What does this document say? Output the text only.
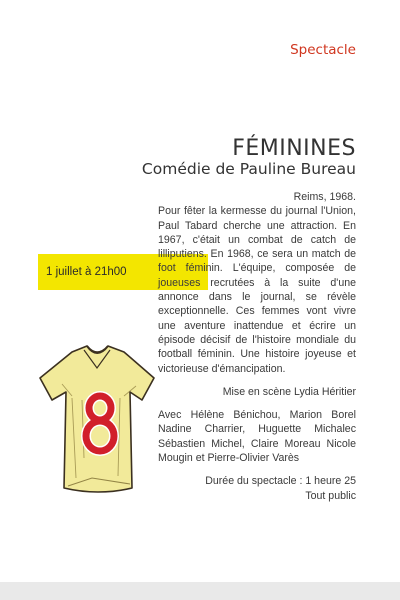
Spectacle
FÉMININES
Comédie de Pauline Bureau
1 juillet à 21h00

Reims, 1968.

Pour fêter la kermesse du journal l'Union, Paul Tabard cherche une attraction. En 1967, c'était un combat de catch de lilliputiens. En 1968, ce sera un match de foot féminin. L'équipe, composée de joueuses recrutées à la suite d'une annonce dans le journal, se révèle exceptionnelle. Ces femmes vont vivre une aventure inattendue et écrire un épisode décisif de l'histoire mondiale du football féminin. Une histoire joyeuse et victorieuse d'émancipation.

Mise en scène Lydia Héritier

Avec Hélène Bénichou, Marion Borel Nadine Charrier, Huguette Michalec Sébastien Michel, Claire Moreau Nicole Mougin et Pierre-Olivier Varès

Durée du spectacle : 1 heure 25

Tout public
